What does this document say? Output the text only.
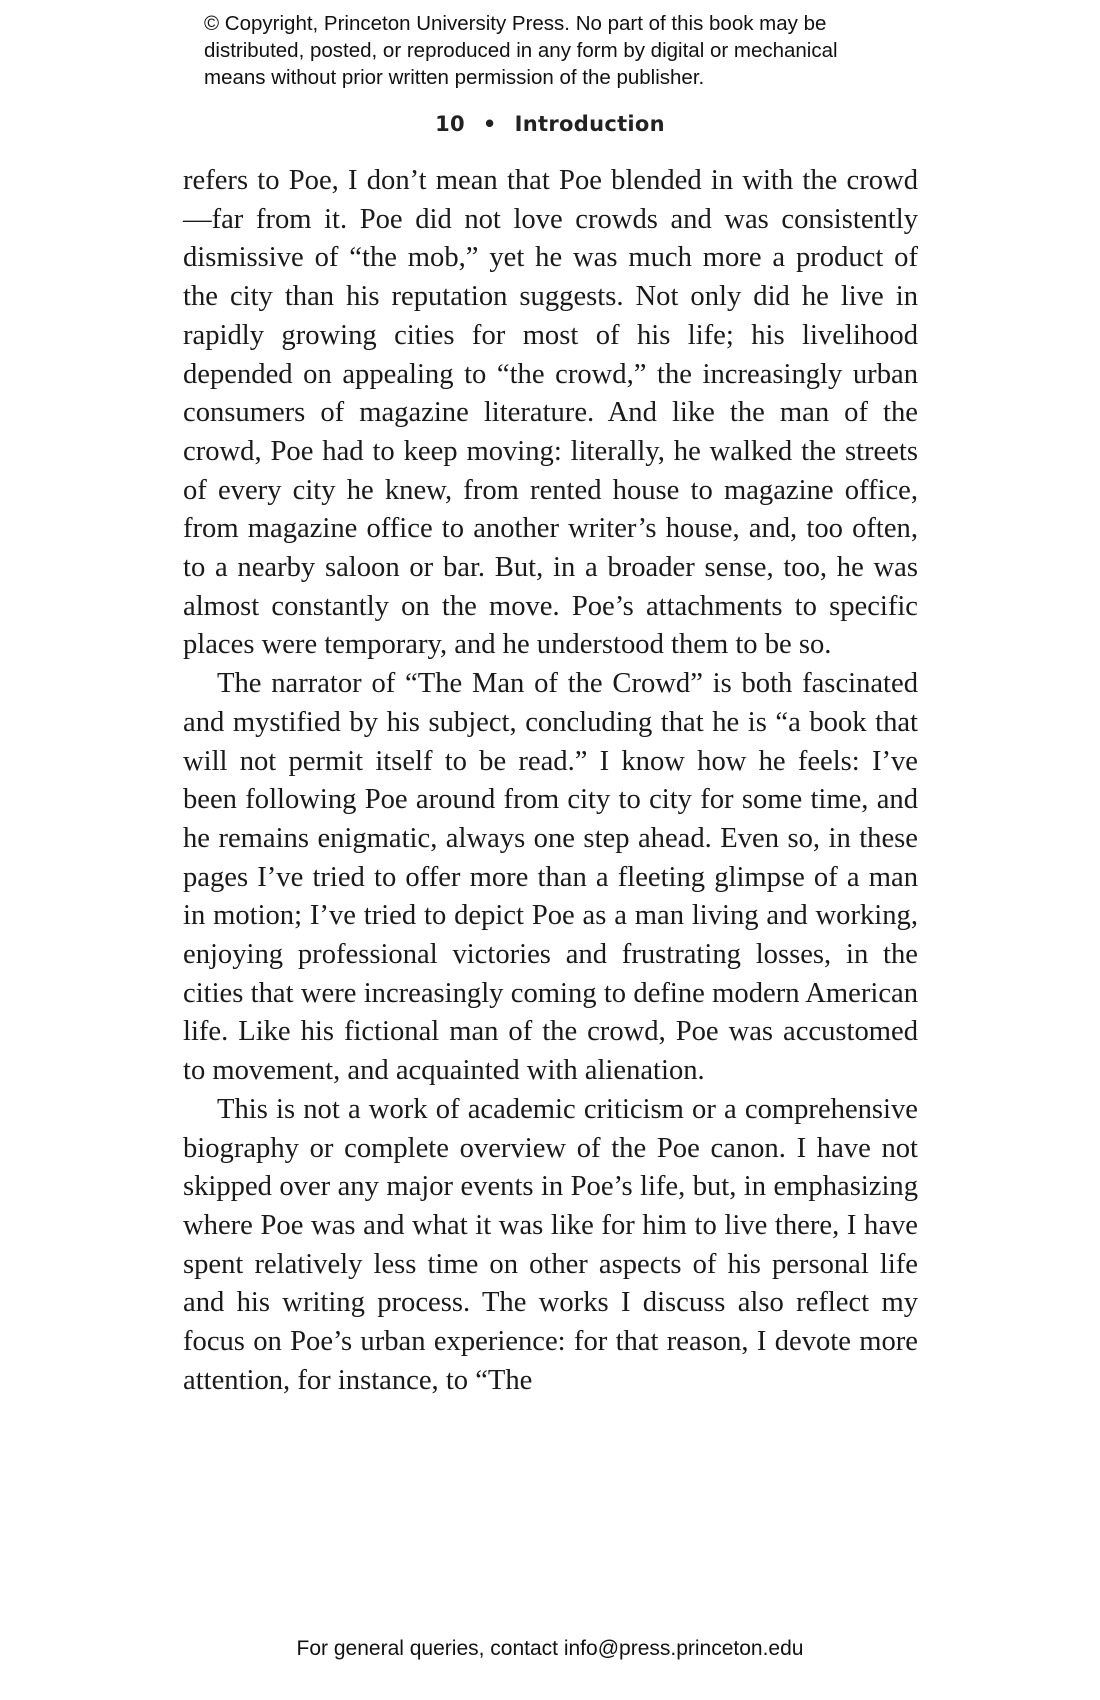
© Copyright, Princeton University Press. No part of this book may be
distributed, posted, or reproduced in any form by digital or mechanical
means without prior written permission of the publisher.
10 • Introduction

refers to Poe, I don’t mean that Poe blended in with the crowd—far from it. Poe did not love crowds and was consistently dismissive of “the mob,” yet he was much more a product of the city than his reputation suggests. Not only did he live in rapidly growing cities for most of his life; his livelihood depended on appealing to “the crowd,” the increasingly urban consumers of magazine literature. And like the man of the crowd, Poe had to keep moving: literally, he walked the streets of every city he knew, from rented house to magazine office, from magazine office to another writer’s house, and, too often, to a nearby saloon or bar. But, in a broader sense, too, he was almost constantly on the move. Poe’s attachments to specific places were temporary, and he understood them to be so.

The narrator of “The Man of the Crowd” is both fascinated and mystified by his subject, concluding that he is “a book that will not permit itself to be read.” I know how he feels: I’ve been following Poe around from city to city for some time, and he remains enigmatic, always one step ahead. Even so, in these pages I’ve tried to offer more than a fleeting glimpse of a man in motion; I’ve tried to depict Poe as a man living and working, enjoying professional victories and frustrating losses, in the cities that were increasingly coming to define modern American life. Like his fictional man of the crowd, Poe was accustomed to movement, and acquainted with alienation.

This is not a work of academic criticism or a comprehensive biography or complete overview of the Poe canon. I have not skipped over any major events in Poe’s life, but, in emphasizing where Poe was and what it was like for him to live there, I have spent relatively less time on other aspects of his personal life and his writing process. The works I discuss also reflect my focus on Poe’s urban experience: for that reason, I devote more attention, for instance, to “The

For general queries, contact info@press.princeton.edu
